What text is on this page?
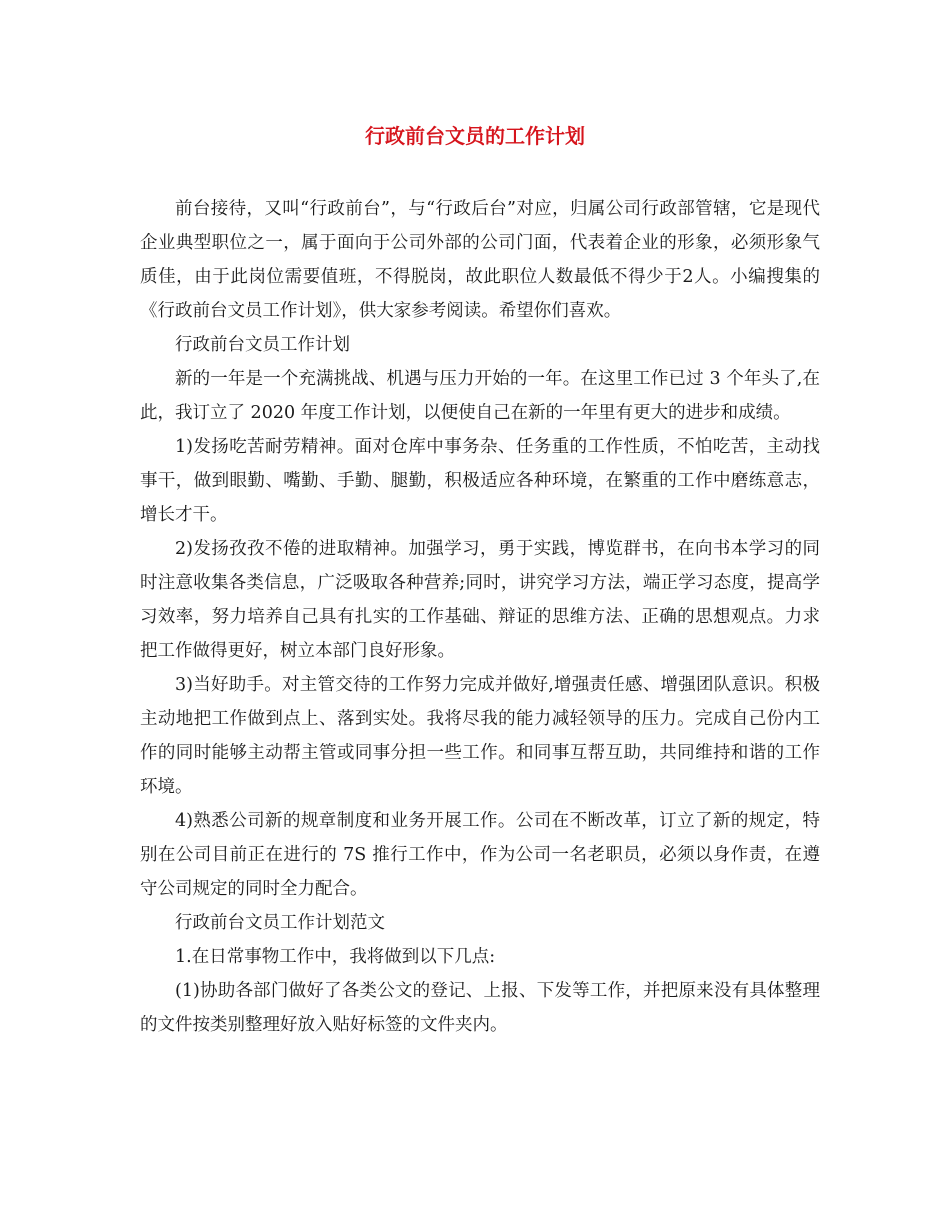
行政前台文员的工作计划

前台接待，又叫“行政前台”，与“行政后台”对应，归属公司行政部管辖，它是现代企业典型职位之一，属于面向于公司外部的公司门面，代表着企业的形象，必须形象气质佳，由于此岗位需要值班，不得脱岗，故此职位人数最低不得少于2人。小编搜集的《行政前台文员工作计划》，供大家参考阅读。希望你们喜欢。

行政前台文员工作计划

新的一年是一个充满挑战、机遇与压力开始的一年。在这里工作已过 3 个年头了,在此，我订立了 2020 年度工作计划，以便使自己在新的一年里有更大的进步和成绩。

1)发扬吃苦耐劳精神。面对仓库中事务杂、任务重的工作性质，不怕吃苦，主动找事干，做到眼勤、嘴勤、手勤、腿勤，积极适应各种环境，在繁重的工作中磨练意志，增长才干。

2)发扬孜孜不倦的进取精神。加强学习，勇于实践，博览群书，在向书本学习的同时注意收集各类信息，广泛吸取各种营养;同时，讲究学习方法，端正学习态度，提高学习效率，努力培养自己具有扎实的工作基础、辩证的思维方法、正确的思想观点。力求把工作做得更好，树立本部门良好形象。

3)当好助手。对主管交待的工作努力完成并做好,增强责任感、增强团队意识。积极主动地把工作做到点上、落到实处。我将尽我的能力减轻领导的压力。完成自己份内工作的同时能够主动帮主管或同事分担一些工作。和同事互帮互助，共同维持和谐的工作环境。

4)熟悉公司新的规章制度和业务开展工作。公司在不断改革，订立了新的规定，特别在公司目前正在进行的 7S 推行工作中，作为公司一名老职员，必须以身作责，在遵守公司规定的同时全力配合。

行政前台文员工作计划范文

1.在日常事物工作中，我将做到以下几点:

(1)协助各部门做好了各类公文的登记、上报、下发等工作，并把原来没有具体整理的文件按类别整理好放入贴好标签的文件夹内。
